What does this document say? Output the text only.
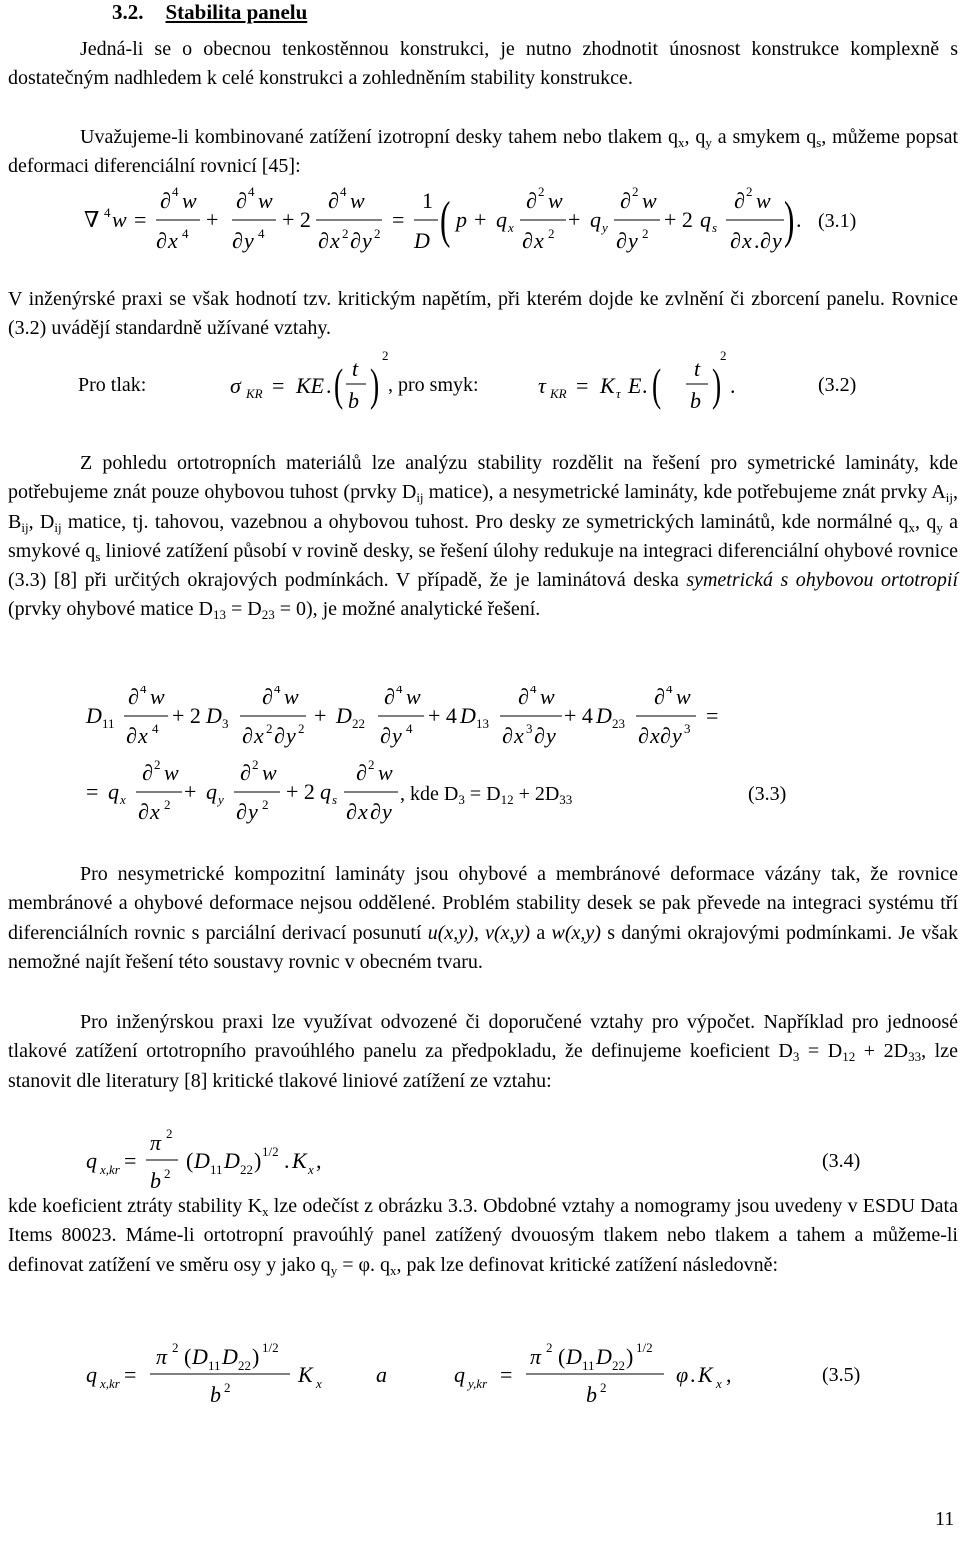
3.2. Stabilita panelu
Jedná-li se o obecnou tenkostěnnou konstrukci, je nutno zhodnotit únosnost konstrukce komplexně s dostatečným nadhledem k celé konstrukci a zohledněním stability konstrukce.
Uvažujeme-li kombinované zatížení izotropní desky tahem nebo tlakem $q_x$, $q_y$ a smykem $q_s$, můžeme popsat deformaci diferenciální rovnicí [45]:
∇ 4 w =
∂ 4 w
∂ x 4
+
∂ 4 w
∂ y 4
+ 2
∂ 4 w
∂ x 2 ∂ y 2
=
1
D ( p + q x
∂ 2 w
∂ x 2
+ q y
∂ 2 w
∂ y 2
+ 2 q s
∂ 2 w
∂ x . ∂ y ) . (3.1)
V inženýrské praxi se však hodnotí tzv. kritickým napětím, při kterém dojde ke zvlnění či zborcení panelu. Rovnice (3.2) uvádějí standardně užívané vztahy.
Pro tlak:	σ KR = KE . ( t
b )
2
, pro smyk:	τ KR = K τ E . ( t
b )
2
.	(3.2)
Z pohledu ortotropních materiálů lze analýzu stability rozdělit na řešení pro symetrické lamináty, kde potřebujeme znát pouze ohybovou tuhost (prvky $D_{ij}$ matice), a nesymetrické lamináty, kde potřebujeme znát prvky $A_{ij}$, $B_{ij}$, $D_{ij}$ matice, tj. tahovou, vazebnou a ohybovou tuhost. Pro desky ze symetrických laminátů, kde normálné $q_x$, $q_y$ a smykové $q_s$ liniové zatížení působí v rovině desky, se řešení úlohy redukuje na integraci diferenciální ohybové rovnice (3.3) [8] při určitých okrajových podmínkách. V případě, že je laminátová deska symetrická s ohybovou ortotropií (prvky ohybové matice $D_{13} = D_{23} = 0$), je možné analytické řešení.
D 11
∂ 4 w
∂ x 4
+ 2 D 3
∂ 4 w
∂ x 2 ∂ y 2
+ D 22
∂ 4 w
∂ y 4
+ 4 D 13
∂ 4 w
∂ x 3 ∂ y
+ 4 D 23
∂ 4 w
∂ x ∂ y 3
=
= q x
∂ 2 w
∂ x 2
+ q y
∂ 2 w
∂ y 2
+ 2 q s
∂ 2 w
∂ x ∂ y
, kde $D_3 = D_{12} + 2D_{33}$	(3.3)
Pro nesymetrické kompozitní lamináty jsou ohybové a membránové deformace vázány tak, že rovnice membránové a ohybové deformace nejsou oddělené. Problém stability desek se pak převede na integraci systému tří diferenciálních rovnic s parciální derivací posunutí u(x,y), v(x,y) a w(x,y) s danými okrajovými podmínkami. Je však nemožné najít řešení této soustavy rovnic v obecném tvaru.
Pro inženýrskou praxi lze využívat odvozené či doporučené vztahy pro výpočet. Například pro jednoosé tlakové zatížení ortotropního pravoúhlého panelu za předpokladu, že definujeme koeficient $D_3 = D_{12} + 2D_{33}$, lze stanovit dle literatury [8] kritické tlakové liniové zatížení ze vztahu:
q x,kr =
π 2
b 2
( D 11 D 22 ) 1/2 . K x ,	(3.4)
kde koeficient ztráty stability $K_x$ lze odečíst z obrázku 3.3. Obdobné vztahy a nomogramy jsou uvedeny v ESDU Data Items 80023. Máme-li ortotropní pravoúhlý panel zatížený dvouosým tlakem nebo tlakem a tahem a můžeme-li definovat zatížení ve směru osy y jako $q_y = \varphi$. $q_x$, pak lze definovat kritické zatížení následovně:
q x,kr =
π 2 ( D 11 D 22 ) 1/2
b 2
K x a	q y,kr =
π 2 ( D 11 D 22 ) 1/2
b 2
φ . K x ,	(3.5)
11
